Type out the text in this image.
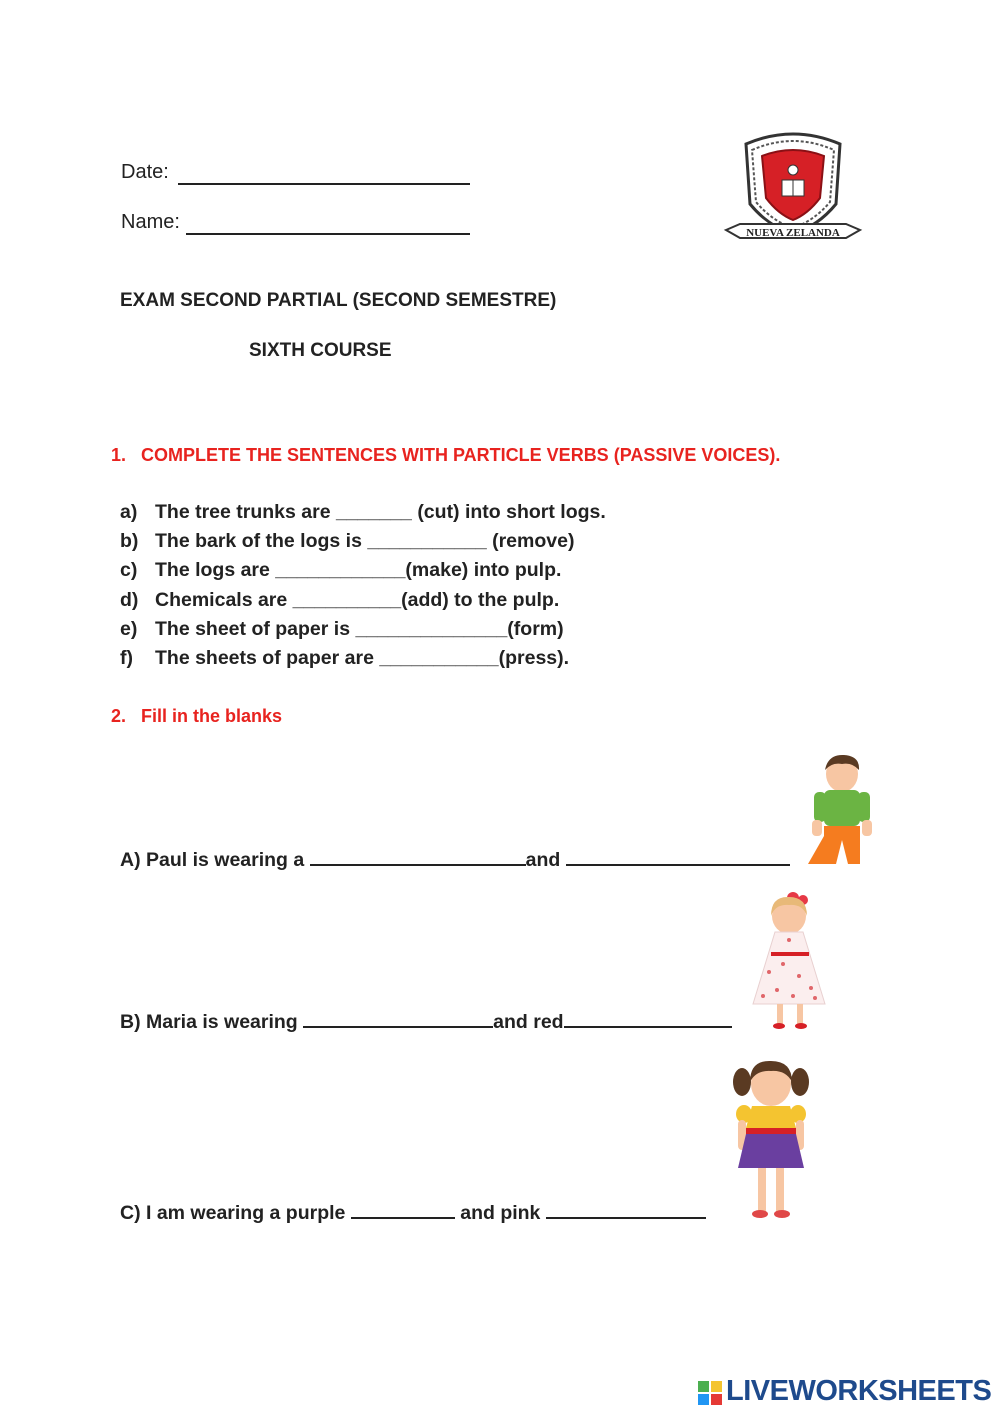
Date:
Name:	NUEVA ZELANDA
EXAM SECOND PARTIAL (SECOND SEMESTRE)
SIXTH COURSE
1. COMPLETE THE SENTENCES WITH PARTICLE VERBS (PASSIVE VOICES).
a) The tree trunks are _______ (cut) into short logs.
b) The bark of the logs is ___________ (remove)
c) The logs are ____________(make) into pulp.
d) Chemicals are __________(add) to the pulp.
e) The sheet of paper is ______________(form)
f) The sheets of paper are ___________(press).
2. Fill in the blanks
A) Paul is wearing a	and
B) Maria is wearing	and red
C) I am wearing a purple	and pink
LIVEWORKSHEETS
